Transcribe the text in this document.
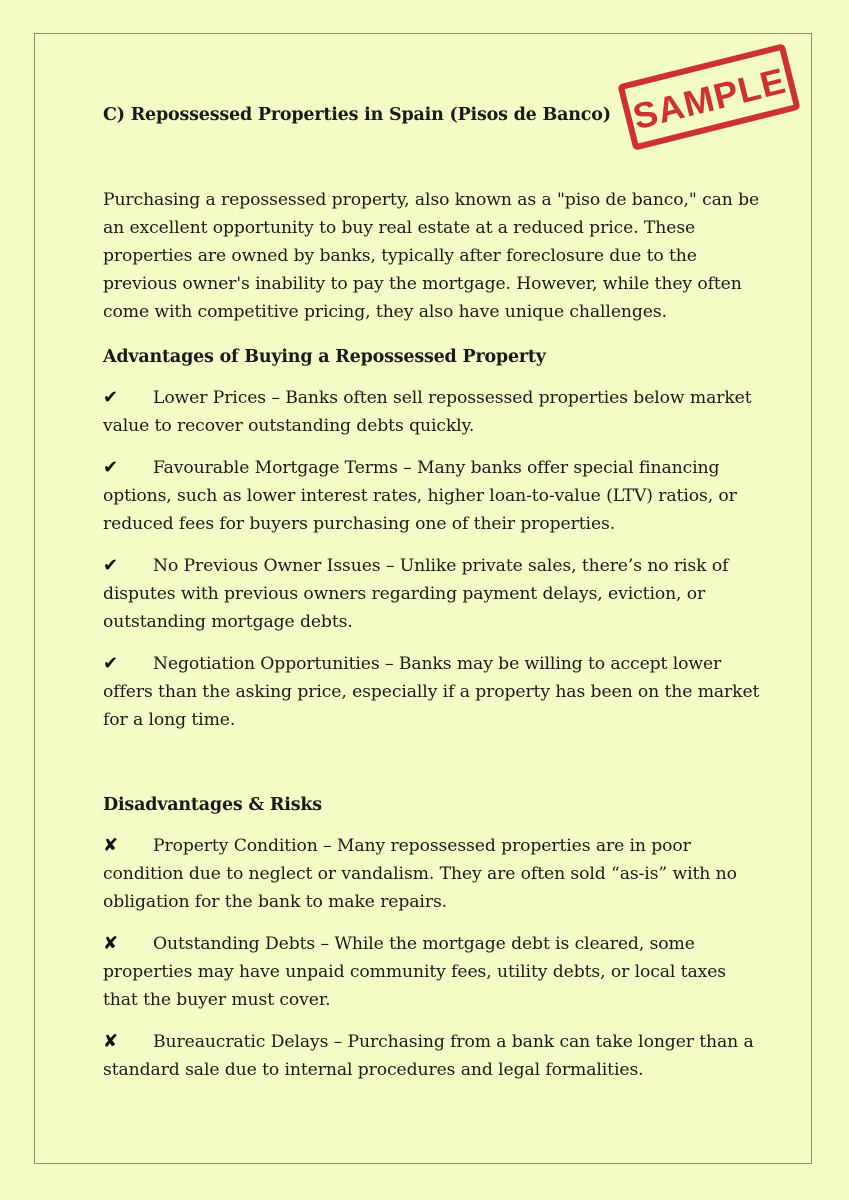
SAMPLE
C) Repossessed Properties in Spain (Pisos de Banco)

Purchasing a repossessed property, also known as a "piso de banco," can be an excellent opportunity to buy real estate at a reduced price. These properties are owned by banks, typically after foreclosure due to the previous owner's inability to pay the mortgage. However, while they often come with competitive pricing, they also have unique challenges.

Advantages of Buying a Repossessed Property

✔ Lower Prices – Banks often sell repossessed properties below market value to recover outstanding debts quickly.

✔ Favourable Mortgage Terms – Many banks offer special financing options, such as lower interest rates, higher loan-to-value (LTV) ratios, or reduced fees for buyers purchasing one of their properties.

✔ No Previous Owner Issues – Unlike private sales, there’s no risk of disputes with previous owners regarding payment delays, eviction, or outstanding mortgage debts.

✔ Negotiation Opportunities – Banks may be willing to accept lower offers than the asking price, especially if a property has been on the market for a long time.

Disadvantages & Risks

✘ Property Condition – Many repossessed properties are in poor condition due to neglect or vandalism. They are often sold “as-is” with no obligation for the bank to make repairs.

✘ Outstanding Debts – While the mortgage debt is cleared, some properties may have unpaid community fees, utility debts, or local taxes that the buyer must cover.

✘ Bureaucratic Delays – Purchasing from a bank can take longer than a standard sale due to internal procedures and legal formalities.
